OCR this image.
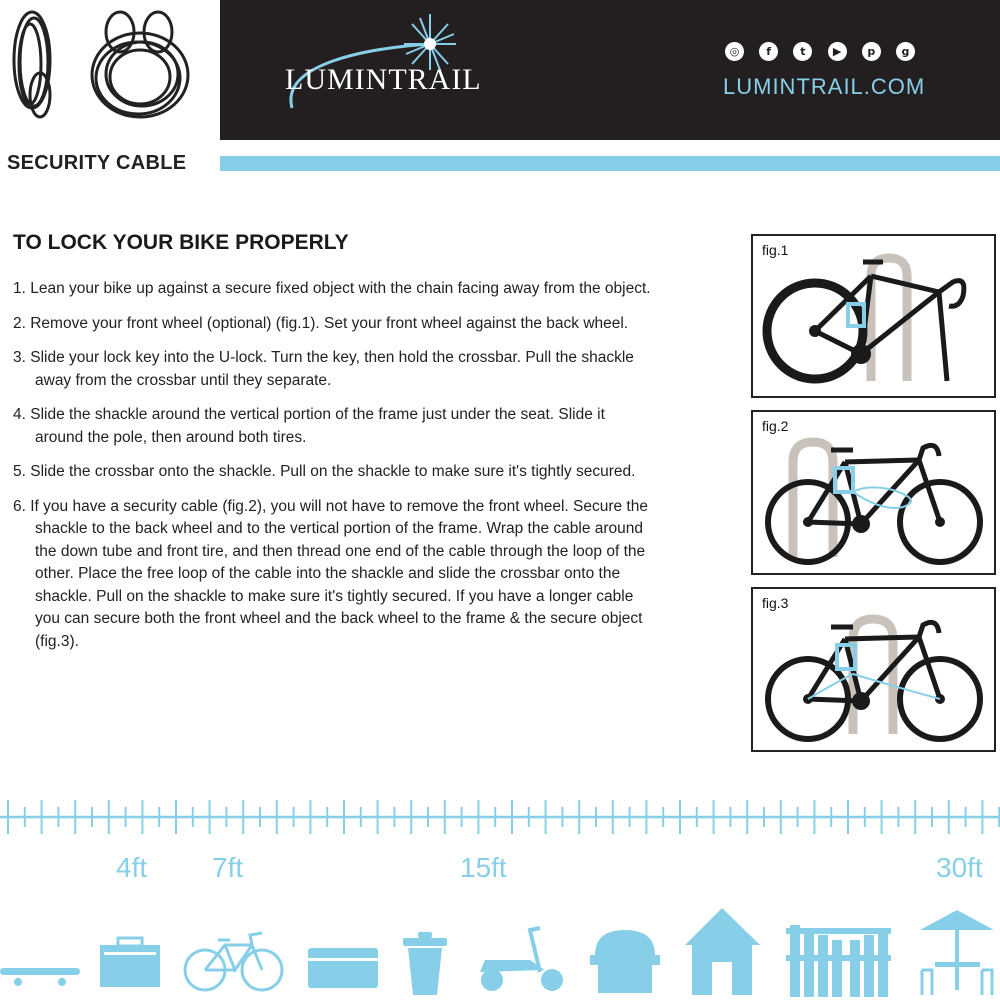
SECURITY CABLE
LUMINTRAIL
◎	f	t	▶	p	g
LUMINTRAIL.COM
TO LOCK YOUR BIKE PROPERLY
1. Lean your bike up against a secure fixed object with the chain facing away from the object.
2. Remove your front wheel (optional) (fig.1). Set your front wheel against the back wheel.
3. Slide your lock key into the U-lock. Turn the key, then hold the crossbar. Pull the shackle away from the crossbar until they separate.
4. Slide the shackle around the vertical portion of the frame just under the seat. Slide it around the pole, then around both tires.
5. Slide the crossbar onto the shackle. Pull on the shackle to make sure it's tightly secured.
6. If you have a security cable (fig.2), you will not have to remove the front wheel. Secure the shackle to the back wheel and to the vertical portion of the frame. Wrap the cable around the down tube and front tire, and then thread one end of the cable through the loop of the other. Place the free loop of the cable into the shackle and slide the crossbar onto the shackle. Pull on the shackle to make sure it's tightly secured. If you have a longer cable you can secure both the front wheel and the back wheel to the frame & the secure object (fig.3).
fig.1
fig.2
fig.3
4ft 7ft	15ft	30ft
